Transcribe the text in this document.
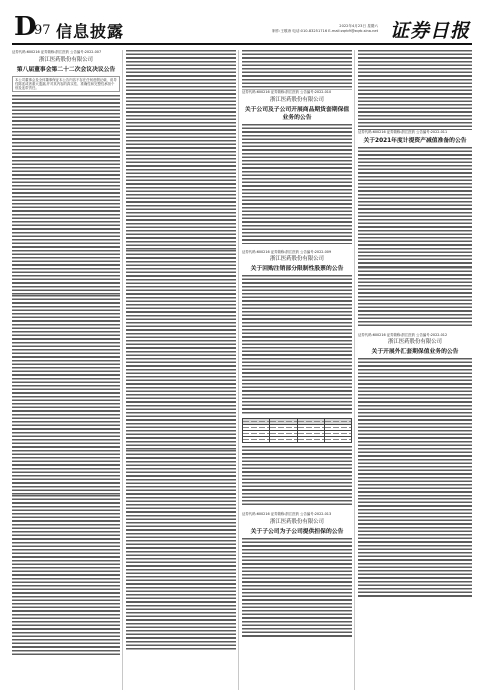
D
97 信息披露	2022年4月23日 星期六
制作:王敬涛 电话:010-83251716 E-mail:zqrb9@zqrb.sina.net 证券日报
证券代码:600216 证券简称:浙江医药 公告编号:2022-007
浙江医药股份有限公司
第八届董事会第二十二次会议决议公告
本公司董事会及全体董事保证本公告内容不存在任何虚假记载、误导性陈述或者重大遗漏,并对其内容的真实性、准确性和完整性承担个别及连带责任。
证券代码:600216 证券简称:浙江医药 公告编号:2022-010
浙江医药股份有限公司
关于公司及子公司开展商品期货套期保值业务的公告
证券代码:600216 证券简称:浙江医药 公告编号:2022-009
浙江医药股份有限公司
关于回购注销部分限制性股票的公告

证券代码:600216 证券简称:浙江医药 公告编号:2022-013
浙江医药股份有限公司
关于子公司为子公司提供担保的公告
证券代码:600216 证券简称:浙江医药 公告编号:2022-011
关于2021年度计提资产减值准备的公告
证券代码:600216 证券简称:浙江医药 公告编号:2022-012
浙江医药股份有限公司
关于开展外汇套期保值业务的公告
